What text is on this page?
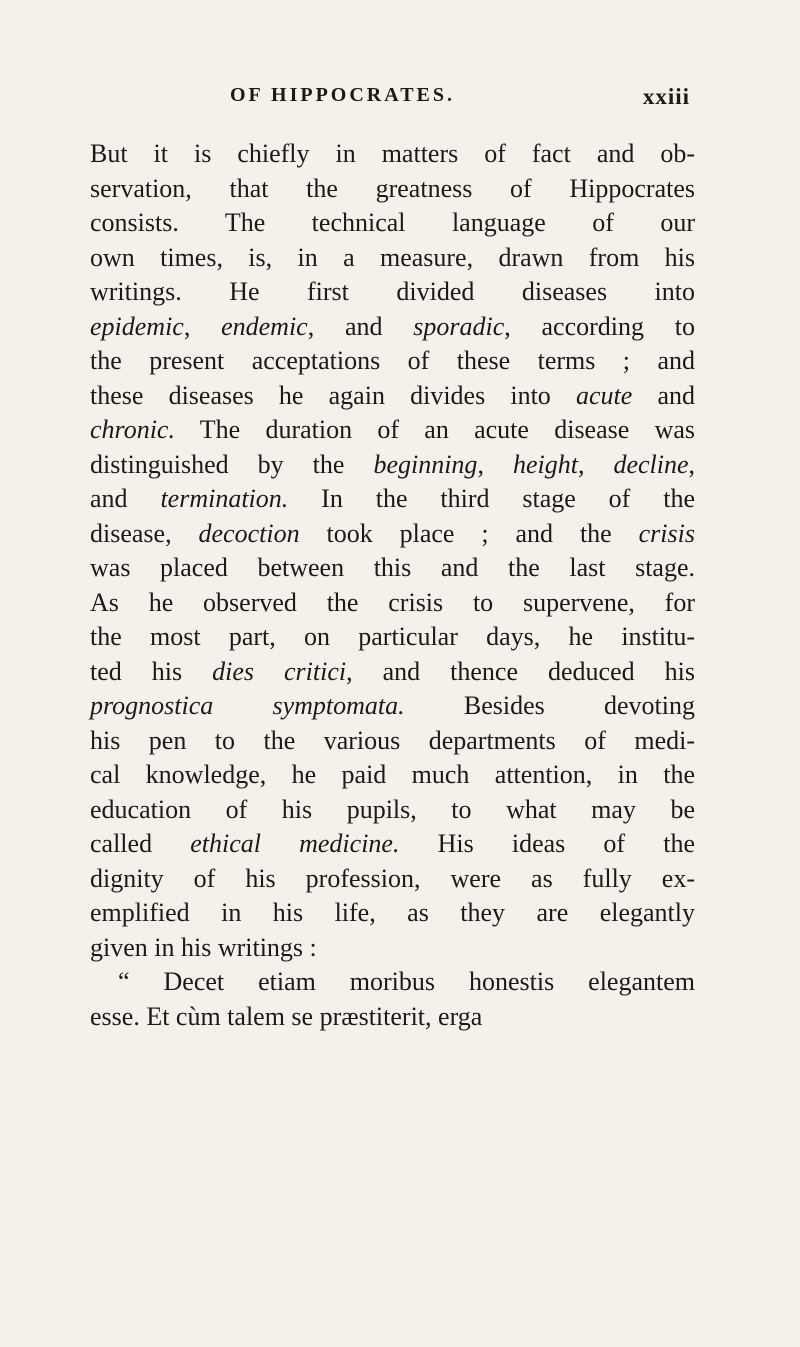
OF HIPPOCRATES.	xxiii
But it is chiefly in matters of fact and ob-
servation, that the greatness of Hippocrates
consists. The technical language of our
own times, is, in a measure, drawn from his
writings. He first divided diseases into
epidemic, endemic, and sporadic, according to
the present acceptations of these terms ; and
these diseases he again divides into acute and
chronic. The duration of an acute disease was
distinguished by the beginning, height, decline,
and termination. In the third stage of the
disease, decoction took place ; and the crisis
was placed between this and the last stage.
As he observed the crisis to supervene, for
the most part, on particular days, he institu-
ted his dies critici, and thence deduced his
prognostica symptomata. Besides devoting
his pen to the various departments of medi-
cal knowledge, he paid much attention, in the
education of his pupils, to what may be
called ethical medicine. His ideas of the
dignity of his profession, were as fully ex-
emplified in his life, as they are elegantly
given in his writings :
“ Decet etiam moribus honestis elegantem
esse. Et cùm talem se præstiterit, erga
